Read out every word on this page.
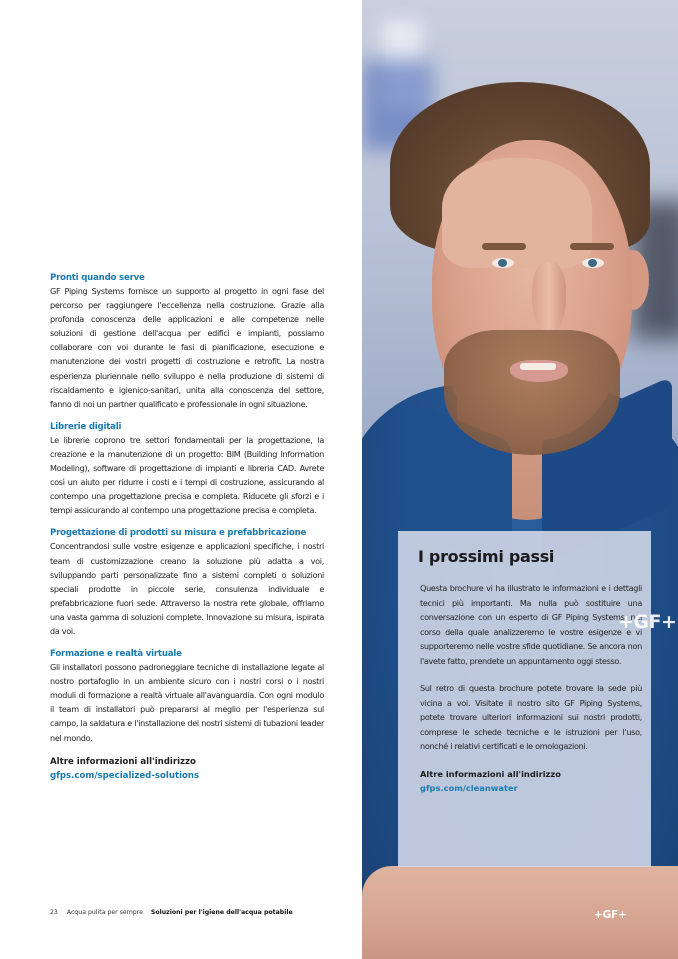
Pronti quando serve
GF Piping Systems fornisce un supporto al progetto in ogni fase del percorso per raggiungere l'eccellenza nella costruzione. Grazie alla profonda conoscenza delle applicazioni e alle competenze nelle soluzioni di gestione dell'acqua per edifici e impianti, possiamo collaborare con voi durante le fasi di pianificazione, esecuzione e manutenzione dei vostri progetti di costruzione e retrofit. La nostra esperienza pluriennale nello sviluppo e nella produzione di sistemi di riscaldamento e igienico-sanitari, unita alla conoscenza del settore, fanno di noi un partner qualificato e professionale in ogni situazione.
Librerie digitali
Le librerie coprono tre settori fondamentali per la progettazione, la creazione e la manutenzione di un progetto: BIM (Building Information Modeling), software di progettazione di impianti e libreria CAD. Avrete così un aiuto per ridurre i costi e i tempi di costruzione, assicurando al contempo una progettazione precisa e completa. Riducete gli sforzi e i tempi assicurando al contempo una progettazione precisa e completa.
Progettazione di prodotti su misura e prefabbricazione
Concentrandosi sulle vostre esigenze e applicazioni specifiche, i nostri team di customizzazione creano la soluzione più adatta a voi, sviluppando parti personalizzate fino a sistemi completi o soluzioni speciali prodotte in piccole serie, consulenza individuale e prefabbricazione fuori sede. Attraverso la nostra rete globale, offriamo una vasta gamma di soluzioni complete. Innovazione su misura, ispirata da voi.
Formazione e realtà virtuale
Gli installatori possono padroneggiare tecniche di installazione legate al nostro portafoglio in un ambiente sicuro con i nostri corsi o i nostri moduli di formazione a realtà virtuale all'avanguardia. Con ogni modulo il team di installatori può prepararsi al meglio per l'esperienza sul campo, la saldatura e l'installazione dei nostri sistemi di tubazioni leader nel mondo.
Altre informazioni all'indirizzo
gfps.com/specialized-solutions
23 Acqua pulita per sempre Soluzioni per l'igiene dell'acqua potabile	+GF+
I prossimi passi
Questa brochure vi ha illustrato le informazioni e i dettagli tecnici più importanti. Ma nulla può sostituire una conversazione con un esperto di GF Piping Systems, nel corso della quale analizzeremo le vostre esigenze e vi supporteremo nelle vostre sfide quotidiane. Se ancora non l'avete fatto, prendete un appuntamento oggi stesso.
Sul retro di questa brochure potete trovare la sede più vicina a voi. Visitate il nostro sito GF Piping Systems, potete trovare ulteriori informazioni sui nostri prodotti, comprese le schede tecniche e le istruzioni per l'uso, nonché i relativi certificati e le omologazioni.
Altre informazioni all'indirizzo
gfps.com/cleanwater
+GF+
